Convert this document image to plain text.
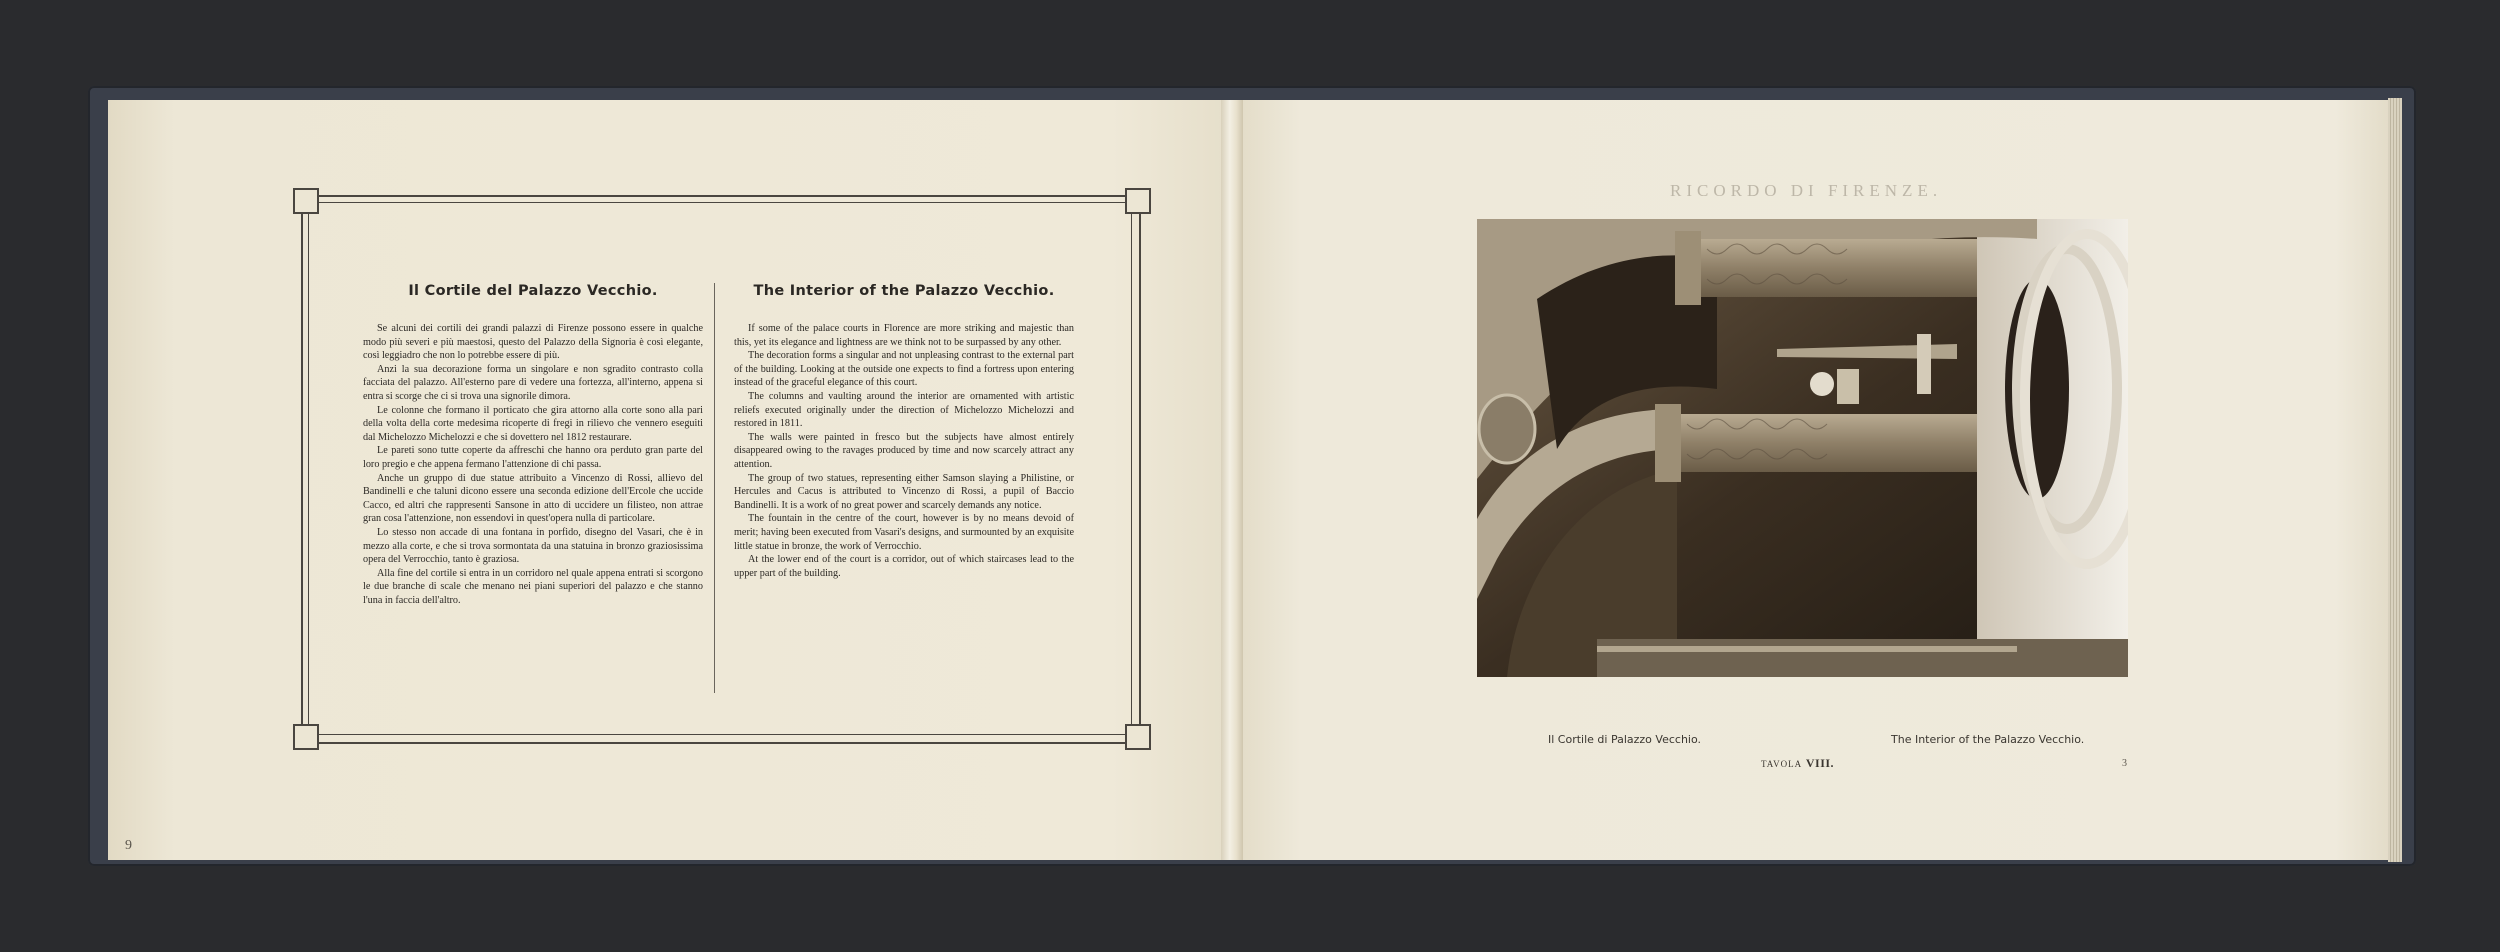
Il Cortile del Palazzo Vecchio.

Se alcuni dei cortili dei grandi palazzi di Firenze possono essere in qualche modo più severi e più maestosi, questo del Palazzo della Signoria è così elegante, così leggiadro che non lo potrebbe essere di più.

Anzi la sua decorazione forma un singolare e non sgradito contrasto colla facciata del palazzo. All'esterno pare di vedere una fortezza, all'interno, appena si entra si scorge che ci si trova una signorile dimora.

Le colonne che formano il porticato che gira attorno alla corte sono alla pari della volta della corte medesima ricoperte di fregi in rilievo che vennero eseguiti dal Michelozzo Michelozzi e che si dovettero nel 1812 restaurare.

Le pareti sono tutte coperte da affreschi che hanno ora perduto gran parte del loro pregio e che appena fermano l'attenzione di chi passa.

Anche un gruppo di due statue attribuito a Vincenzo di Rossi, allievo del Bandinelli e che taluni dicono essere una seconda edizione dell'Ercole che uccide Cacco, ed altri che rappresenti Sansone in atto di uccidere un filisteo, non attrae gran cosa l'attenzione, non essendovi in quest'opera nulla di particolare.

Lo stesso non accade di una fontana in porfido, disegno del Vasari, che è in mezzo alla corte, e che si trova sormontata da una statuina in bronzo graziosissima opera del Verrocchio, tanto è graziosa.

Alla fine del cortile si entra in un corridoro nel quale appena entrati si scorgono le due branche di scale che menano nei piani superiori del palazzo e che stanno l'una in faccia dell'altro.

The Interior of the Palazzo Vecchio.

If some of the palace courts in Florence are more striking and majestic than this, yet its elegance and lightness are we think not to be surpassed by any other.

The decoration forms a singular and not unpleasing contrast to the external part of the building. Looking at the outside one expects to find a fortress upon entering instead of the graceful elegance of this court.

The columns and vaulting around the interior are ornamented with artistic reliefs executed originally under the direction of Michelozzo Michelozzi and restored in 1811.

The walls were painted in fresco but the subjects have almost entirely disappeared owing to the ravages produced by time and now scarcely attract any attention.

The group of two statues, representing either Samson slaying a Philistine, or Hercules and Cacus is attributed to Vincenzo di Rossi, a pupil of Baccio Bandinelli. It is a work of no great power and scarcely demands any notice.

The fountain in the centre of the court, however is by no means devoid of merit; having been executed from Vasari's designs, and surmounted by an exquisite little statue in bronze, the work of Verrocchio.

At the lower end of the court is a corridor, out of which staircases lead to the upper part of the building.

9
RICORDO DI FIRENZE.
Il Cortile di Palazzo Vecchio.	The Interior of the Palazzo Vecchio.
TAVOLA VIII.	3
